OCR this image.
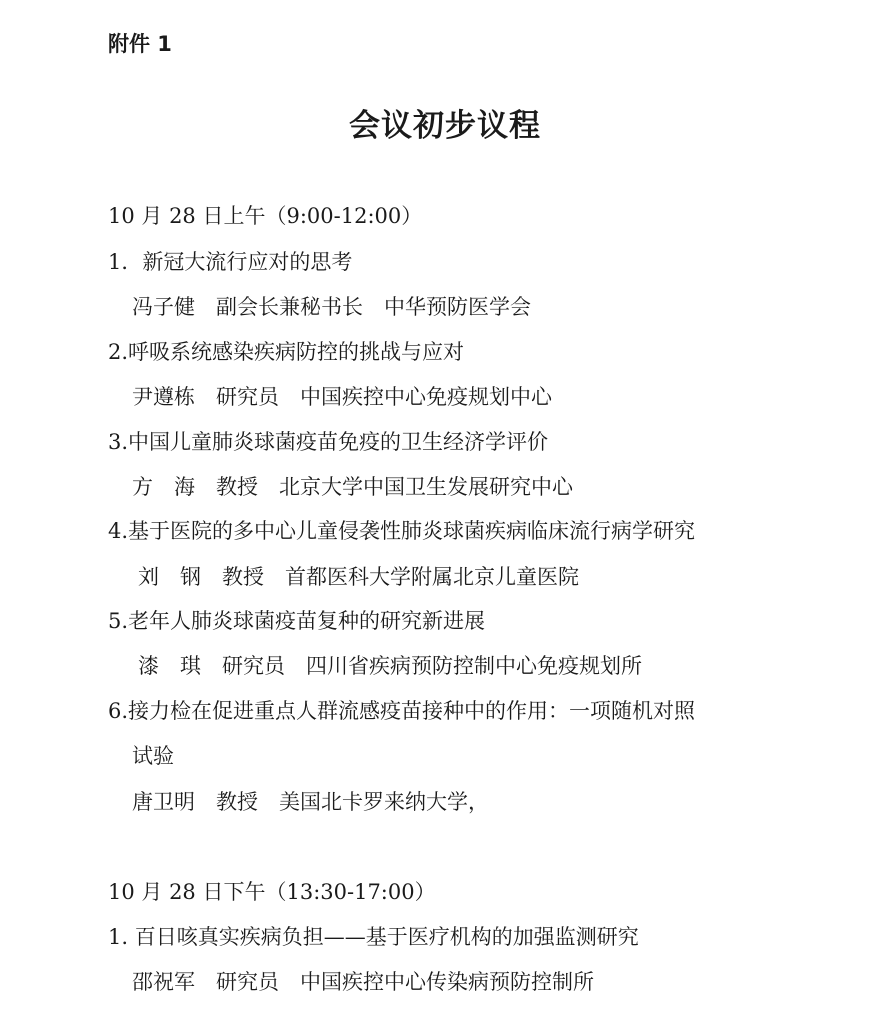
附件 1
会议初步议程
10 月 28 日上午（9:00-12:00）
1．新冠大流行应对的思考
冯子健　副会长兼秘书长　中华预防医学会
2.呼吸系统感染疾病防控的挑战与应对
尹遵栋　研究员　中国疾控中心免疫规划中心
3.中国儿童肺炎球菌疫苗免疫的卫生经济学评价
方　海　教授　北京大学中国卫生发展研究中心
4.基于医院的多中心儿童侵袭性肺炎球菌疾病临床流行病学研究
刘　钢　教授　首都医科大学附属北京儿童医院
5.老年人肺炎球菌疫苗复种的研究新进展
漆　琪　研究员　四川省疾病预防控制中心免疫规划所
6.接力检在促进重点人群流感疫苗接种中的作用：一项随机对照
试验
唐卫明　教授　美国北卡罗来纳大学，
10 月 28 日下午（13:30-17:00）
1. 百日咳真实疾病负担——基于医疗机构的加强监测研究
邵祝军　研究员　中国疾控中心传染病预防控制所
